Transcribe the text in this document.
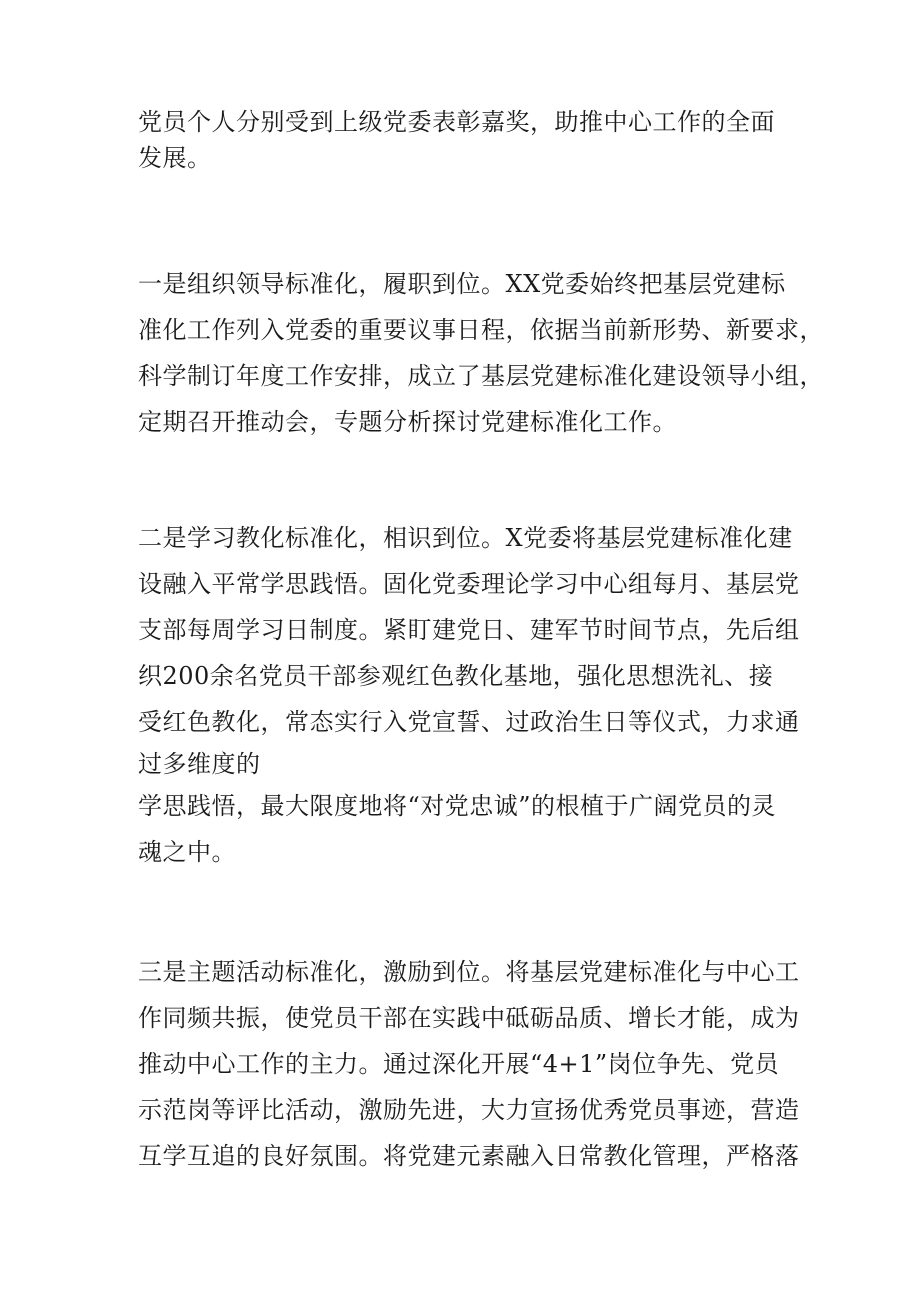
党员个人分别受到上级党委表彰嘉奖，助推中心工作的全面
发展。
一是组织领导标准化，履职到位。XX党委始终把基层党建标
准化工作列入党委的重要议事日程，依据当前新形势、新要求，
科学制订年度工作安排，成立了基层党建标准化建设领导小组，
定期召开推动会，专题分析探讨党建标准化工作。
二是学习教化标准化，相识到位。X党委将基层党建标准化建
设融入平常学思践悟。固化党委理论学习中心组每月、基层党
支部每周学习日制度。紧盯建党日、建军节时间节点，先后组
织200余名党员干部参观红色教化基地，强化思想洗礼、接
受红色教化，常态实行入党宣誓、过政治生日等仪式，力求通
过多维度的
学思践悟，最大限度地将“对党忠诚”的根植于广阔党员的灵
魂之中。
三是主题活动标准化，激励到位。将基层党建标准化与中心工
作同频共振，使党员干部在实践中砥砺品质、增长才能，成为
推动中心工作的主力。通过深化开展“4+1”岗位争先、党员
示范岗等评比活动，激励先进，大力宣扬优秀党员事迹，营造
互学互追的良好氛围。将党建元素融入日常教化管理，严格落
